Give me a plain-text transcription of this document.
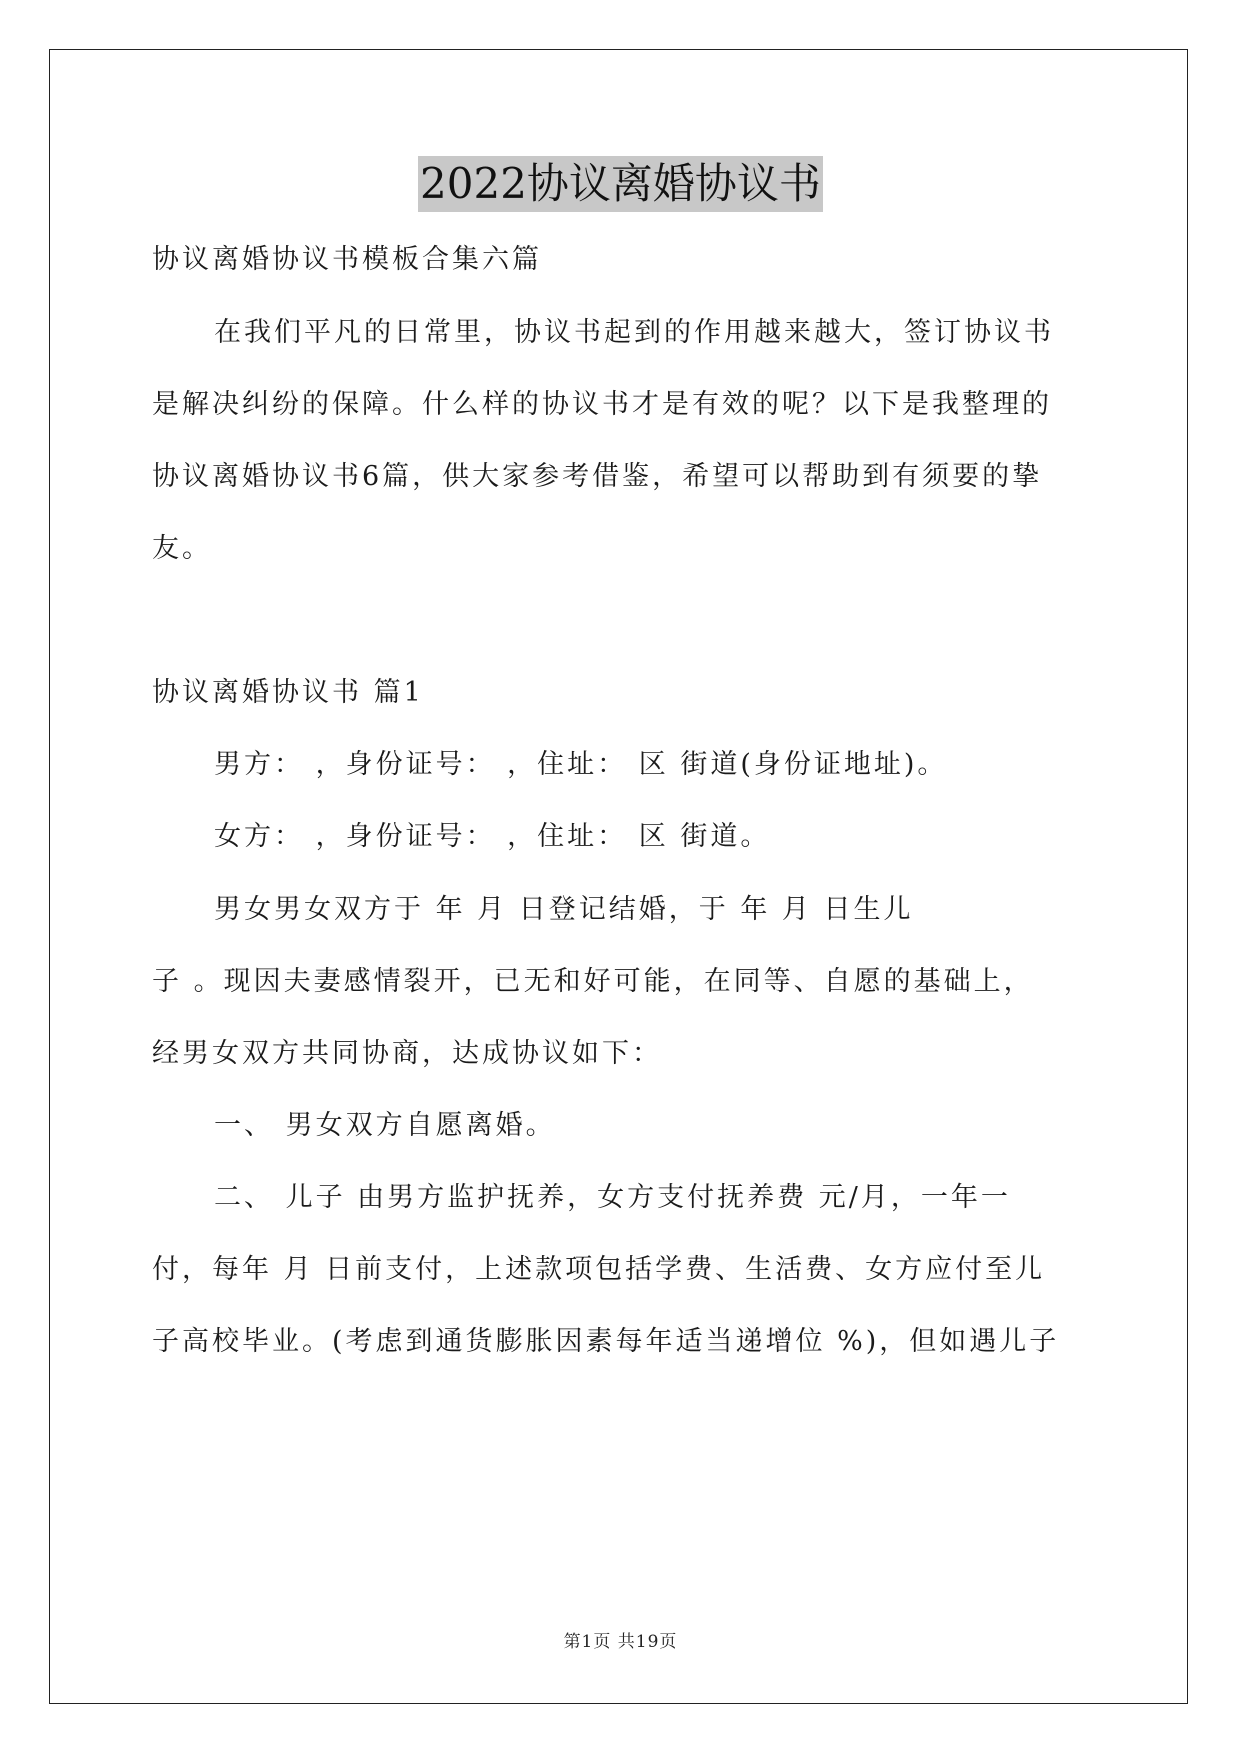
2022协议离婚协议书
协议离婚协议书模板合集六篇
在我们平凡的日常里，协议书起到的作用越来越大，签订协议书
是解决纠纷的保障。什么样的协议书才是有效的呢？以下是我整理的
协议离婚协议书6篇，供大家参考借鉴，希望可以帮助到有须要的挚
友。
协议离婚协议书 篇1
男方： ，身份证号： ，住址： 区 街道(身份证地址)。
女方： ，身份证号： ，住址： 区 街道。
男女男女双方于 年 月 日登记结婚，于 年 月 日生儿
子 。现因夫妻感情裂开，已无和好可能，在同等、自愿的基础上，
经男女双方共同协商，达成协议如下：
一、 男女双方自愿离婚。
二、 儿子 由男方监护抚养，女方支付抚养费 元/月，一年一
付，每年 月 日前支付，上述款项包括学费、生活费、女方应付至儿
子高校毕业。(考虑到通货膨胀因素每年适当递增位 %)，但如遇儿子
第1页 共19页
